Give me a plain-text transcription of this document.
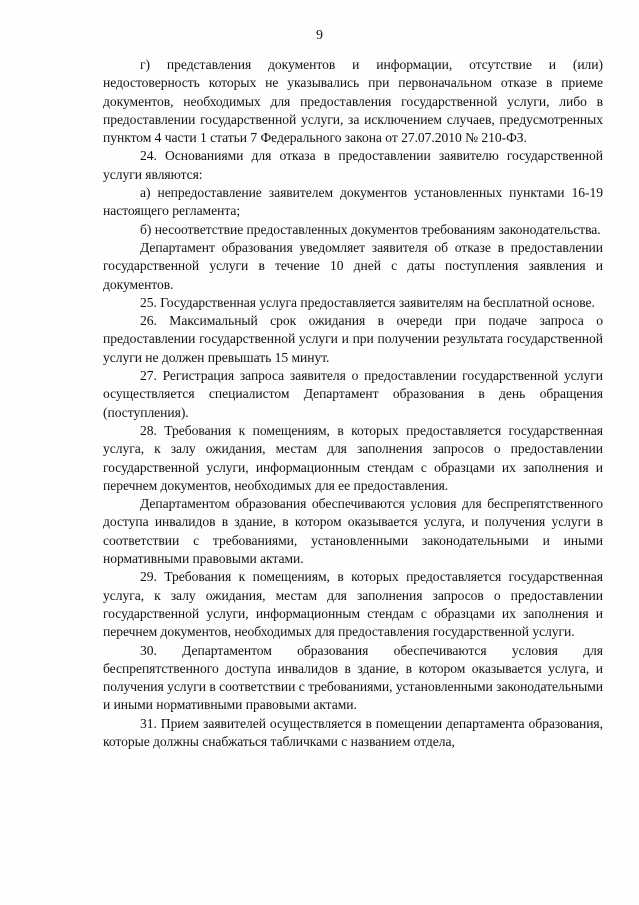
9

г) представления документов и информации, отсутствие и (или) недостоверность которых не указывались при первоначальном отказе в приеме документов, необходимых для предоставления государственной услуги, либо в предоставлении государственной услуги, за исключением случаев, предусмотренных пунктом 4 части 1 статьи 7 Федерального закона от 27.07.2010 № 210-ФЗ.

24. Основаниями для отказа в предоставлении заявителю государственной услуги являются:

а) непредоставление заявителем документов установленных пунктами 16-19 настоящего регламента;

б) несоответствие предоставленных документов требованиям законодательства.

Департамент образования уведомляет заявителя об отказе в предоставлении государственной услуги в течение 10 дней с даты поступления заявления и документов.

25. Государственная услуга предоставляется заявителям на бесплатной основе.

26. Максимальный срок ожидания в очереди при подаче запроса о предоставлении государственной услуги и при получении результата государственной услуги не должен превышать 15 минут.

27. Регистрация запроса заявителя о предоставлении государственной услуги осуществляется специалистом Департамент образования в день обращения (поступления).

28. Требования к помещениям, в которых предоставляется государственная услуга, к залу ожидания, местам для заполнения запросов о предоставлении государственной услуги, информационным стендам с образцами их заполнения и перечнем документов, необходимых для ее предоставления.

Департаментом образования обеспечиваются условия для беспрепятственного доступа инвалидов в здание, в котором оказывается услуга, и получения услуги в соответствии с требованиями, установленными законодательными и иными нормативными правовыми актами.

29. Требования к помещениям, в которых предоставляется государственная услуга, к залу ожидания, местам для заполнения запросов о предоставлении государственной услуги, информационным стендам с образцами их заполнения и перечнем документов, необходимых для предоставления государственной услуги.

30. Департаментом образования обеспечиваются условия для беспрепятственного доступа инвалидов в здание, в котором оказывается услуга, и получения услуги в соответствии с требованиями, установленными законодательными и иными нормативными правовыми актами.

31. Прием заявителей осуществляется в помещении департамента образования, которые должны снабжаться табличками с названием отдела,
